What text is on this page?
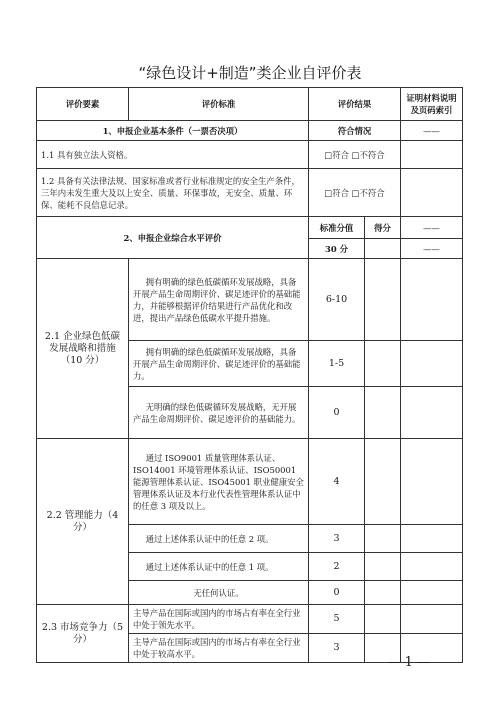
“绿色设计+制造”类企业自评价表
评价要素	评价标准	评价结果		证明材料说明及页码索引
1、申报企业基本条件（一票否决项）		符合情况		——
1.1 具有独立法人资格。		□符合 □不符合		
1.2 具备有关法律法规、国家标准或者行业标准规定的安全生产条件，三年内未发生重大及以上安全、质量、环保事故，无安全、质量、环保、能耗不良信息记录。		□符合 □不符合		
2、申报企业综合水平评价		标准分值	得分	——
		30 分		——
2.1 企业绿色低碳发展战略和措施（10 分）	拥有明确的绿色低碳循环发展战略，具备开展产品生命周期评价、碳足迹评价的基础能力，并能够根据评价结果进行产品优化和改进，提出产品绿色低碳水平提升措施。	6-10		
	拥有明确的绿色低碳循环发展战略，具备开展产品生命周期评价、碳足迹评价的基础能力。	1-5		
	无明确的绿色低碳循环发展战略，无开展产品生命周期评价、碳足迹评价的基础能力。	0		
2.2 管理能力（4 分）	通过 ISO9001 质量管理体系认证、ISO14001 环境管理体系认证、ISO50001 能源管理体系认证、ISO45001 职业健康安全管理体系认证及本行业代表性管理体系认证中的任意 3 项及以上。	4		
	通过上述体系认证中的任意 2 项。	3		
	通过上述体系认证中的任意 1 项。	2		
	无任何认证。	0		
2.3 市场竞争力（5 分）	主导产品在国际或国内的市场占有率在全行业中处于领先水平。	5		
	主导产品在国际或国内的市场占有率在全行业中处于较高水平。	3		
— 1 —
